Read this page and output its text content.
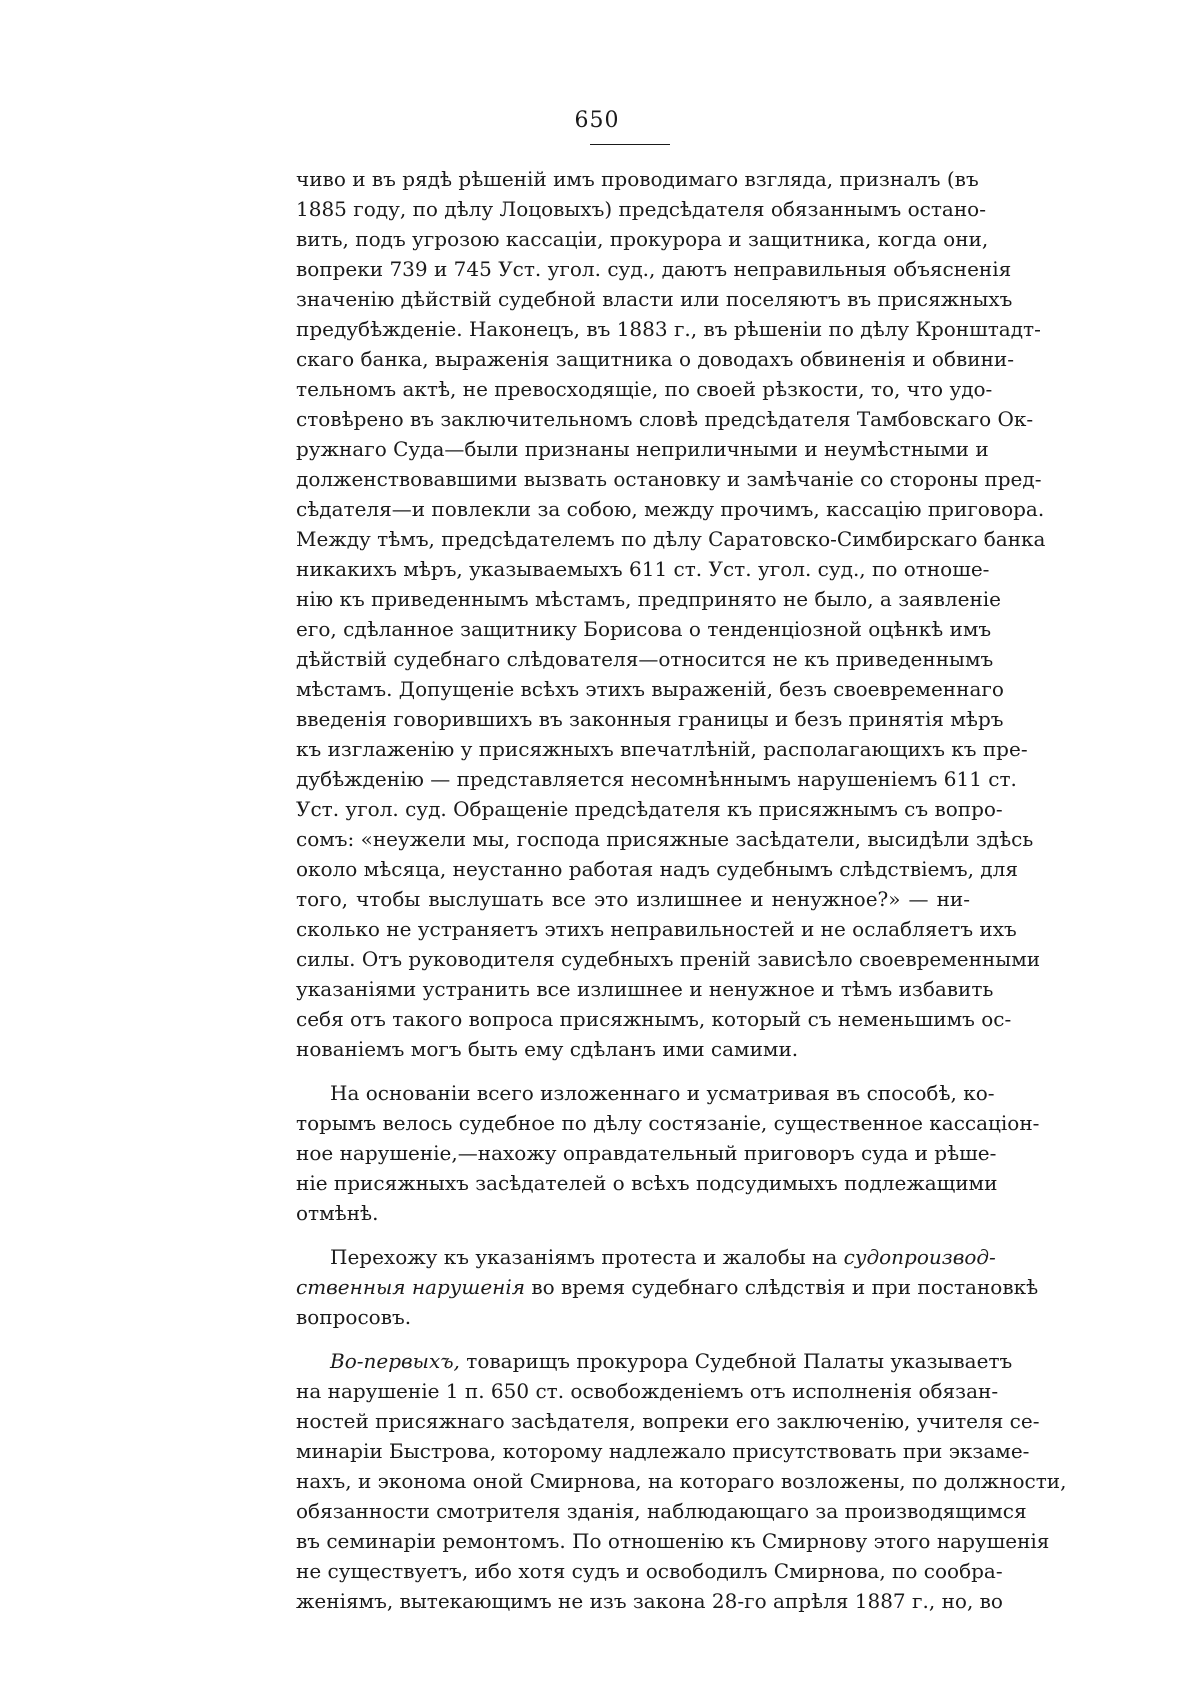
650

чиво и въ рядѣ рѣшеній имъ проводимаго взгляда, призналъ (въ
1885 году, по дѣлу Лоцовыхъ) предсѣдателя обязаннымъ останo-
вить, подъ угрозою кассаціи, прокурора и защитника, когда они,
вопреки 739 и 745 Уст. угол. суд., даютъ неправильныя объясненія
значенію дѣйствій судебной власти или поселяютъ въ присяжныхъ
предубѣжденіе. Наконецъ, въ 1883 г., въ рѣшеніи по дѣлу Кронштадт-
скаго банка, выраженія защитника о доводахъ обвиненія и обвини-
тельномъ актѣ, не превосходящіе, по своей рѣзкости, то, что удо-
стовѣрено въ заключительномъ словѣ предсѣдателя Тамбовскаго Ок-
ружнаго Суда—были признаны неприличными и неумѣстными и
долженствовавшими вызвать остановку и замѣчаніе со стороны пред-
сѣдателя—и повлекли за собою, между прочимъ, кассацію приговора.
Между тѣмъ, предсѣдателемъ по дѣлу Саратовско-Симбирскаго банка
никакихъ мѣръ, указываемыхъ 611 ст. Уст. угол. суд., по отноше-
нію къ приведеннымъ мѣстамъ, предпринято не было, а заявленіе
его, сдѣланное защитнику Борисова о тенденціозной оцѣнкѣ имъ
дѣйствій судебнаго слѣдователя—относится не къ приведеннымъ
мѣстамъ. Допущеніе всѣхъ этихъ выраженій, безъ своевременнаго
введенія говорившихъ въ законныя границы и безъ принятія мѣръ
къ изглаженію у присяжныхъ впечатлѣній, располагающихъ къ пре-
дубѣжденію — представляется несомнѣннымъ нарушеніемъ 611 ст.
Уст. угол. суд. Обращеніе предсѣдателя къ присяжнымъ съ вопро-
сомъ: «неужели мы, господа присяжные засѣдатели, высидѣли здѣсь
около мѣсяца, неустанно работая надъ судебнымъ слѣдствіемъ, для
того, чтобы выслушать все это излишнее и ненужное?» — ни-
сколько не устраняетъ этихъ неправильностей и не ослабляетъ ихъ
силы. Отъ руководителя судебныхъ преній зависѣло своевременными
указаніями устранить все излишнее и ненужное и тѣмъ избавить
себя отъ такого вопроса присяжнымъ, который съ неменьшимъ ос-
нованіемъ могъ быть ему сдѣланъ ими самими.

На основаніи всего изложеннаго и усматривая въ способѣ, ко-
торымъ велось судебное по дѣлу состязаніе, существенное кассаціон-
ное нарушеніе,—нахожу оправдательный приговоръ суда и рѣше-
ніе присяжныхъ засѣдателей о всѣхъ подсудимыхъ подлежащими
отмѣнѣ.

Перехожу къ указаніямъ протеста и жалобы на судопроизвод-
ственныя нарушенія во время судебнаго слѣдствія и при постановкѣ
вопросовъ.

Во-первыхъ, товарищъ прокурора Судебной Палаты указываетъ
на нарушеніе 1 п. 650 ст. освобожденіемъ отъ исполненія обязан-
ностей присяжнаго засѣдателя, вопреки его заключенію, учителя се-
минаріи Быстрова, которому надлежало присутствовать при экзаме-
нахъ, и эконома оной Смирнова, на котораго возложены, по должности,
обязанности смотрителя зданія, наблюдающаго за производящимся
въ семинаріи ремонтомъ. По отношенію къ Смирнову этого нарушенія
не существуетъ, ибо хотя судъ и освободилъ Смирнова, по сообра-
женіямъ, вытекающимъ не изъ закона 28-го апрѣля 1887 г., но, во
